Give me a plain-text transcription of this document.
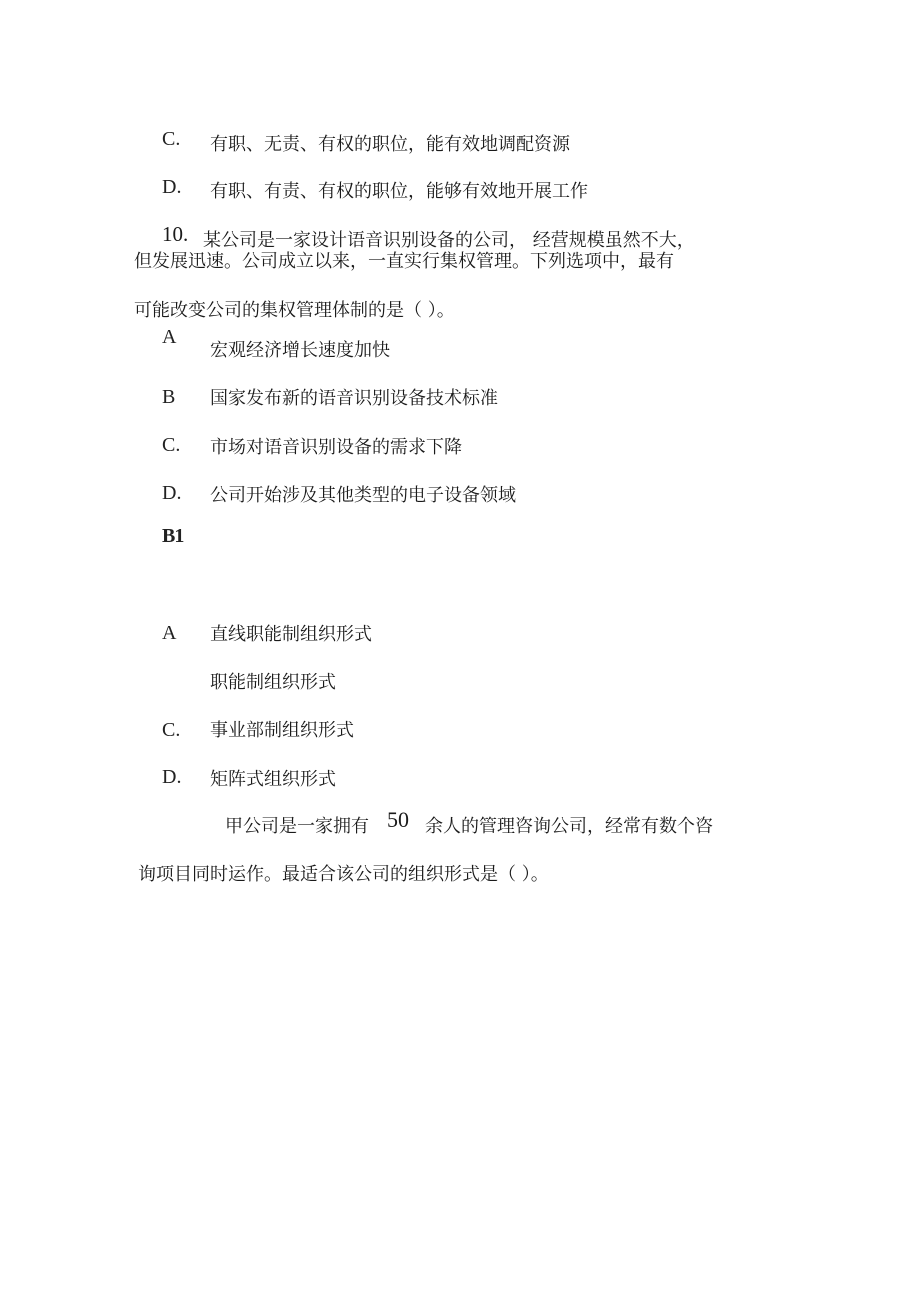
C. 有职、无责、有权的职位，能有效地调配资源
D. 有职、有责、有权的职位，能够有效地开展工作
10. 某公司是一家设计语音识别设备的公司， 经营规模虽然不大，
但发展迅速。公司成立以来，一直实行集权管理。下列选项中，最有
可能改变公司的集权管理体制的是（ ）。
A
宏观经济增长速度加快
B 国家发布新的语音识别设备技术标准
C. 市场对语音识别设备的需求下降
D. 公司开始涉及其他类型的电子设备领域
B1
A 直线职能制组织形式
职能制组织形式
C. 事业部制组织形式
D. 矩阵式组织形式
甲公司是一家拥有 50 余人的管理咨询公司，经常有数个咨
询项目同时运作。最适合该公司的组织形式是（ ）。
